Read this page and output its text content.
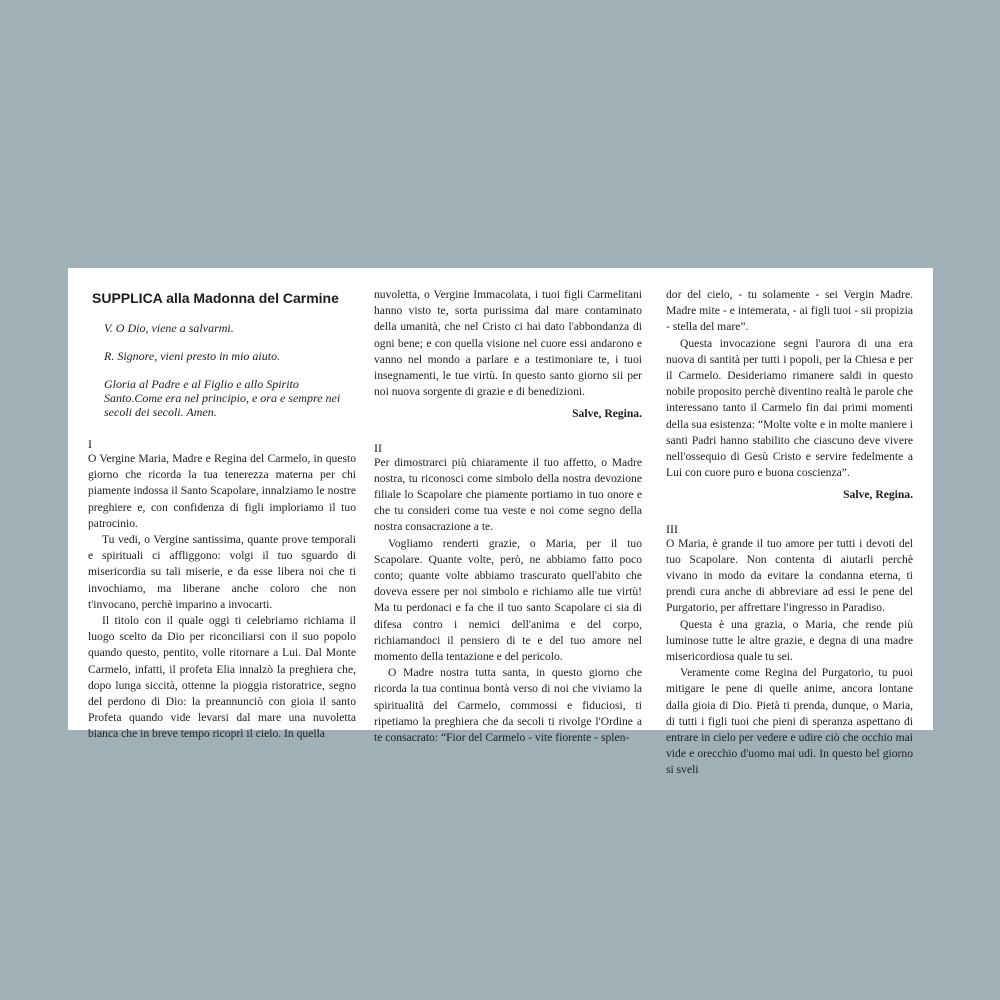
SUPPLICA alla Madonna del Carmine
V. O Dio, viene a salvarmi.
R. Signore, vieni presto in mio aiuto.
Gloria al Padre e al Figlio e allo Spirito Santo.Come era nel principio, e ora e sempre nei secoli dei secoli. Amen.
I

O Vergine Maria, Madre e Regina del Carmelo, in questo giorno che ricorda la tua tenerezza materna per chi piamente indossa il Santo Scapolare, innalziamo le nostre preghiere e, con confidenza di figli imploriamo il tuo patrocinio.

Tu vedi, o Vergine santissima, quante prove temporali e spirituali ci affliggono: volgi il tuo sguardo di misericordia su tali miserie, e da esse libera noi che ti invochiamo, ma liberane anche coloro che non t'invocano, perchè imparino a invocarti.

Il titolo con il quale oggi ti celebriamo richiama il luogo scelto da Dio per riconciliarsi con il suo popolo quando questo, pentito, volle ritornare a Lui. Dal Monte Carmelo, infatti, il profeta Elia innalzò la preghiera che, dopo lunga siccità, ottenne la pioggia ristoratrice, segno del perdono di Dio: la preannunciò con gioia il santo Profeta quando vide levarsi dal mare una nuvoletta bianca che in breve tempo ricoprì il cielo. In quella

nuvoletta, o Vergine Immacolata, i tuoi figli Carmelitani hanno visto te, sorta purissima dal mare contaminato della umanità, che nel Cristo ci hai dato l'abbondanza di ogni bene; e con quella visione nel cuore essi andarono e vanno nel mondo a parlare e a testimoniare te, i tuoi insegnamenti, le tue virtù. In questo santo giorno sii per noi nuova sorgente di grazie e di benedizioni.

Salve, Regina.

II

Per dimostrarci più chiaramente il tuo affetto, o Madre nostra, tu riconosci come simbolo della nostra devozione filiale lo Scapolare che piamente portiamo in tuo onore e che tu consideri come tua veste e noi come segno della nostra consacrazione a te.

Vogliamo renderti grazie, o Maria, per il tuo Scapolare. Quante volte, però, ne abbiamo fatto poco conto; quante volte abbiamo trascurato quell'abito che doveva essere per noi simbolo e richiamo alle tue virtù! Ma tu perdonaci e fa che il tuo santo Scapolare ci sia di difesa contro i nemici dell'anima e del corpo, richiamandoci il pensiero di te e del tuo amore nel momento della tentazione e del pericolo.

O Madre nostra tutta santa, in questo giorno che ricorda la tua continua bontà verso di noi che viviamo la spiritualità del Carmelo, commossi e fiduciosi, ti ripetiamo la preghiera che da secoli ti rivolge l'Ordine a te consacrato: “Fior del Carmelo - vite fiorente - splen-

dor del cielo, - tu solamente - sei Vergin Madre. Madre mite - e intemerata, - ai figli tuoi - sii propizia - stella del mare”.

Questa invocazione segni l'aurora di una era nuova di santità per tutti i popoli, per la Chiesa e per il Carmelo. Desideriamo rimanere saldi in questo nobile proposito perchè diventino realtà le parole che interessano tanto il Carmelo fin dai primi momenti della sua esistenza: “Molte volte e in molte maniere i santi Padri hanno stabilito che ciascuno deve vivere nell'ossequio di Gesù Cristo e servire fedelmente a Lui con cuore puro e buona coscienza”.

Salve, Regina.

III

O Maria, è grande il tuo amore per tutti i devoti del tuo Scapolare. Non contenta di aiutarli perchè vivano in modo da evitare la condanna eterna, ti prendi cura anche di abbreviare ad essi le pene del Purgatorio, per affrettare l'ingresso in Paradiso.

Questa è una grazia, o Maria, che rende più luminose tutte le altre grazie, e degna di una madre misericordiosa quale tu sei.

Veramente come Regina del Purgatorio, tu puoi mitigare le pene di quelle anime, ancora lontane dalla gioia di Dio. Pietà ti prenda, dunque, o Maria, di tutti i figli tuoi che pieni di speranza aspettano di entrare in cielo per vedere e udire ciò che occhio mai vide e orecchio d'uomo mai udì. In questo bel giorno si sveli
